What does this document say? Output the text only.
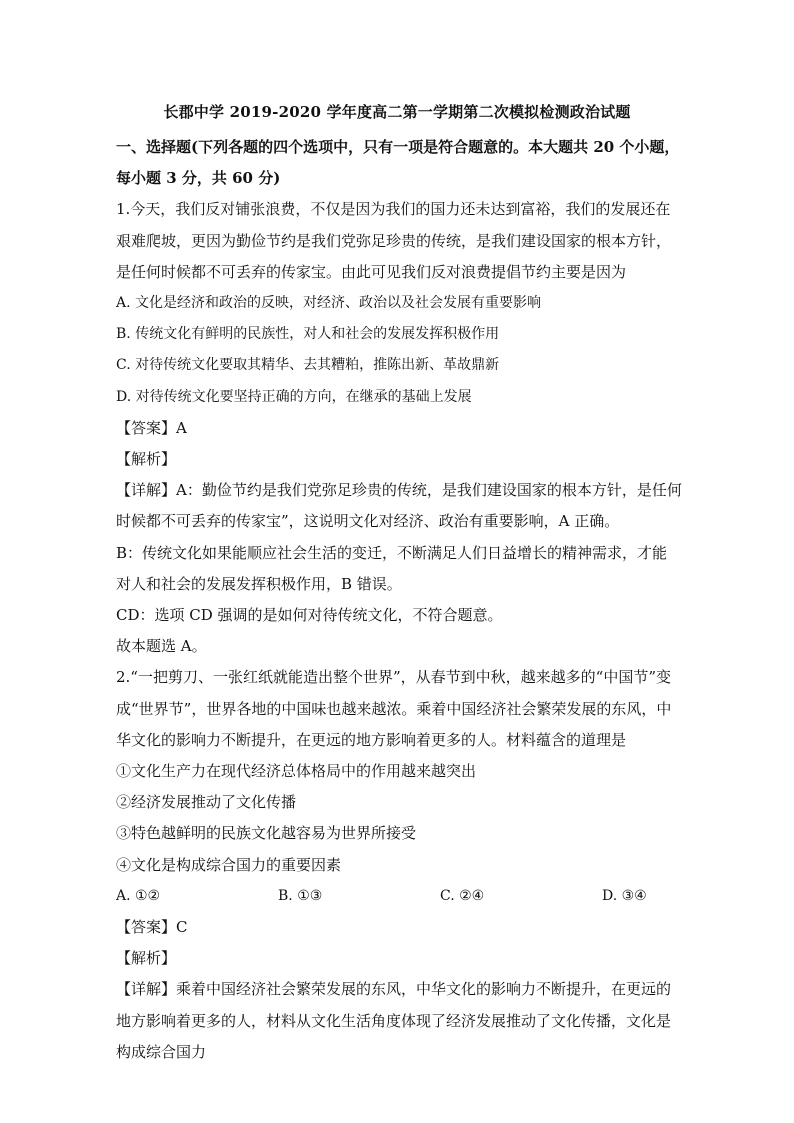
长郡中学 2019-2020 学年度高二第一学期第二次模拟检测政治试题

一、选择题(下列各题的四个选项中，只有一项是符合题意的。本大题共 20 个小题，每小题 3 分，共 60 分)

1.今天，我们反对铺张浪费，不仅是因为我们的国力还未达到富裕，我们的发展还在艰难爬坡，更因为勤俭节约是我们党弥足珍贵的传统，是我们建设国家的根本方针，是任何时候都不可丢弃的传家宝。由此可见我们反对浪费提倡节约主要是因为

A. 文化是经济和政治的反映，对经济、政治以及社会发展有重要影响

B. 传统文化有鲜明的民族性，对人和社会的发展发挥积极作用

C. 对待传统文化要取其精华、去其糟粕，推陈出新、革故鼎新

D. 对待传统文化要坚持正确的方向，在继承的基础上发展

【答案】A

【解析】

【详解】A：勤俭节约是我们党弥足珍贵的传统，是我们建设国家的根本方针，是任何时候都不可丢弃的传家宝”，这说明文化对经济、政治有重要影响，A 正确。

B：传统文化如果能顺应社会生活的变迁，不断满足人们日益增长的精神需求，才能对人和社会的发展发挥积极作用，B 错误。

CD：选项 CD 强调的是如何对待传统文化，不符合题意。

故本题选 A。

2.“一把剪刀、一张红纸就能造出整个世界”，从春节到中秋，越来越多的“中国节”变成“世界节”，世界各地的中国味也越来越浓。乘着中国经济社会繁荣发展的东风，中华文化的影响力不断提升，在更远的地方影响着更多的人。材料蕴含的道理是

①文化生产力在现代经济总体格局中的作用越来越突出

②经济发展推动了文化传播

③特色越鲜明的民族文化越容易为世界所接受

④文化是构成综合国力的重要因素

A. ①②	B. ①③	C. ②④	D. ③④

【答案】C

【解析】

【详解】乘着中国经济社会繁荣发展的东风，中华文化的影响力不断提升，在更远的地方影响着更多的人，材料从文化生活角度体现了经济发展推动了文化传播，文化是构成综合国力
